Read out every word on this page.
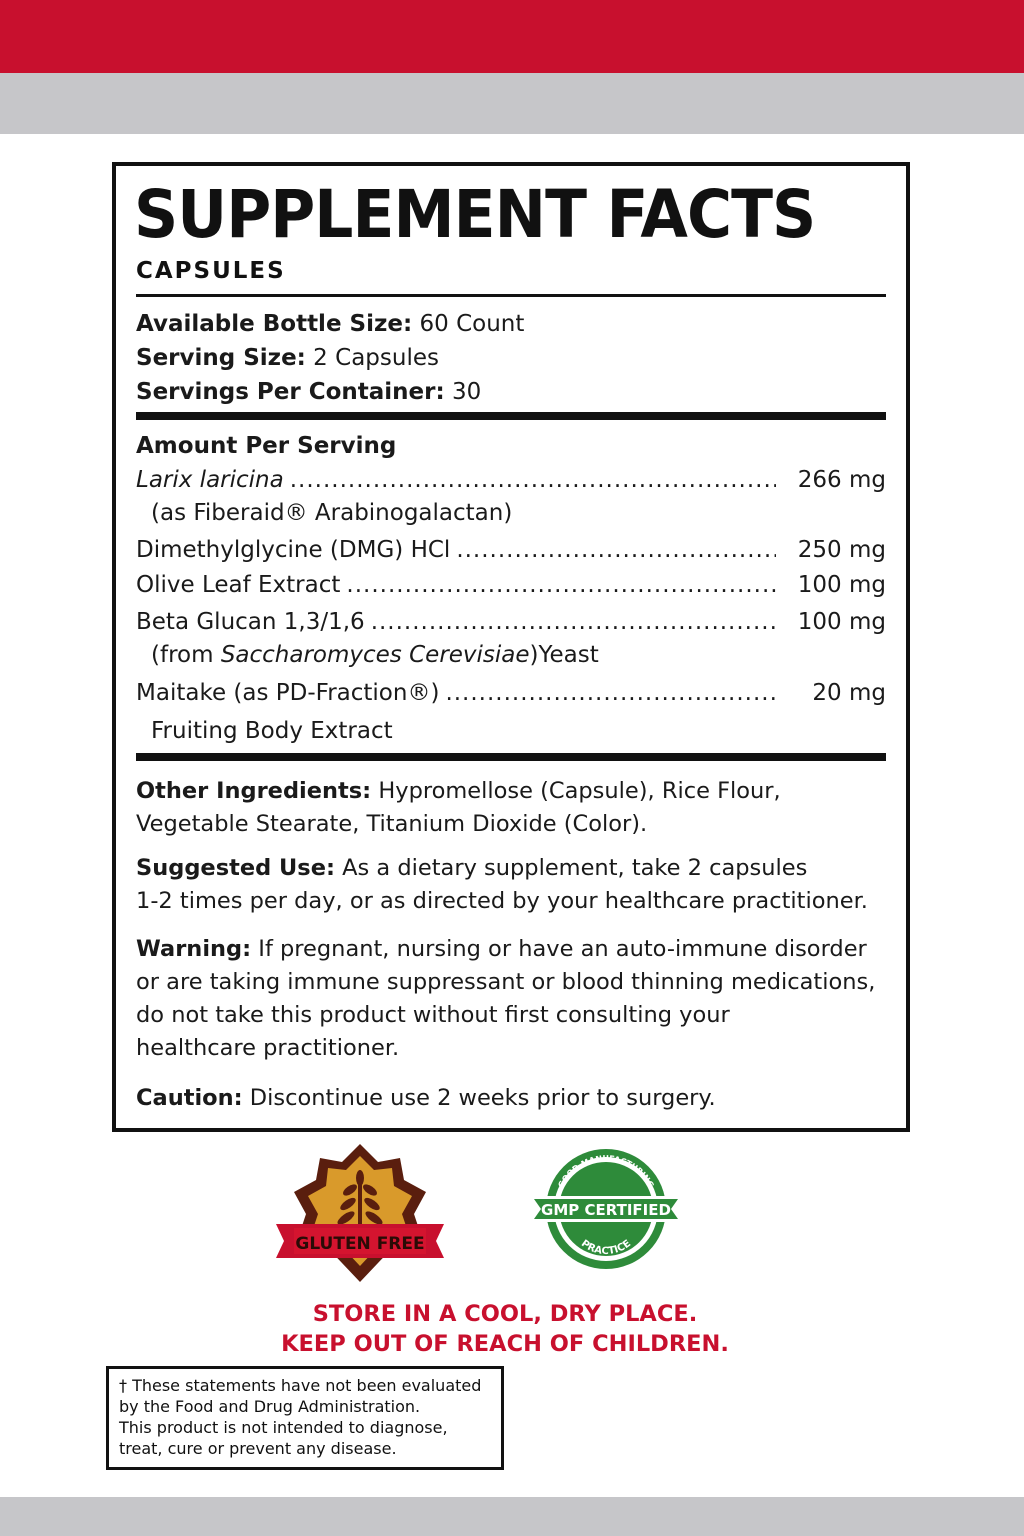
SUPPLEMENT FACTS
CAPSULES
Available Bottle Size: 60 Count
Serving Size: 2 Capsules
Servings Per Container: 30
Amount Per Serving
Larix laricina .....	266 mg
(as Fiberaid® Arabinogalactan)
Dimethylglycine (DMG) HCl .....	250 mg
Olive Leaf Extract .....	100 mg
Beta Glucan 1,3/1,6 .....	100 mg
(from Saccharomyces Cerevisiae)Yeast
Maitake (as PD-Fraction®) .....	20 mg
Fruiting Body Extract
Other Ingredients: Hypromellose (Capsule), Rice Flour,
Vegetable Stearate, Titanium Dioxide (Color).
Suggested Use: As a dietary supplement, take 2 capsules
1-2 times per day, or as directed by your healthcare practitioner.
Warning: If pregnant, nursing or have an auto-immune disorder
or are taking immune suppressant or blood thinning medications,
do not take this product without first consulting your
healthcare practitioner.
Caution: Discontinue use 2 weeks prior to surgery.
GLUTEN FREE
GMP CERTIFIED
GOOD MANUFACTURING
PRACTICE
STORE IN A COOL, DRY PLACE.
KEEP OUT OF REACH OF CHILDREN.
† These statements have not been evaluated
by the Food and Drug Administration.
This product is not intended to diagnose,
treat, cure or prevent any disease.
